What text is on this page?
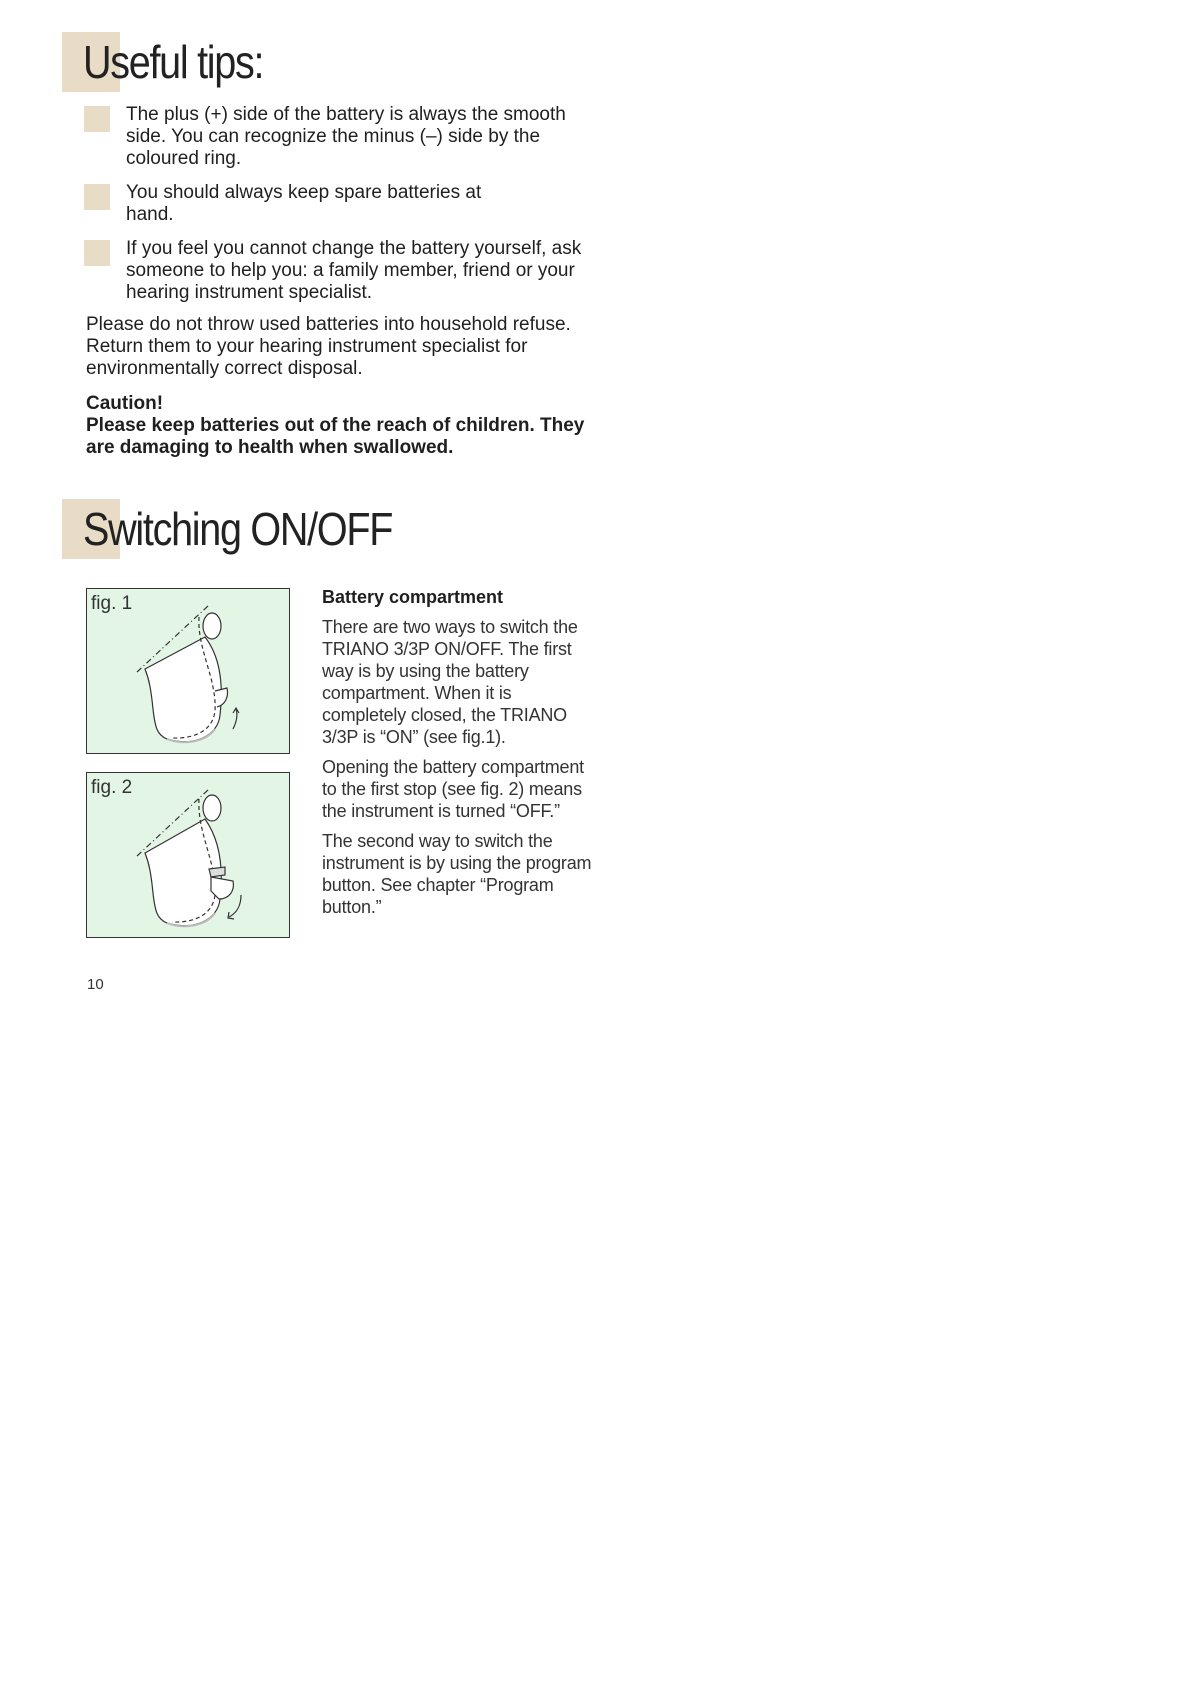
Useful tips:
The plus (+) side of the battery is always the smooth side. You can recognize the minus (–) side by the coloured ring.
You should always keep spare batteries at hand.
If you feel you cannot change the battery yourself, ask someone to help you: a family member, friend or your hearing instrument specialist.
Please do not throw used batteries into household refuse. Return them to your hearing instrument specialist for environmentally correct disposal.
Caution!
Please keep batteries out of the reach of children. They are damaging to health when swallowed.
Switching ON/OFF
fig. 1
fig. 2
Battery compartment

There are two ways to switch the TRIANO 3/3P ON/OFF. The first way is by using the battery compartment. When it is completely closed, the TRIANO 3/3P is “ON” (see fig.1).

Opening the battery compartment to the first stop (see fig. 2) means the instrument is turned “OFF.”

The second way to switch the instrument is by using the program button. See chapter “Program button.”

10
